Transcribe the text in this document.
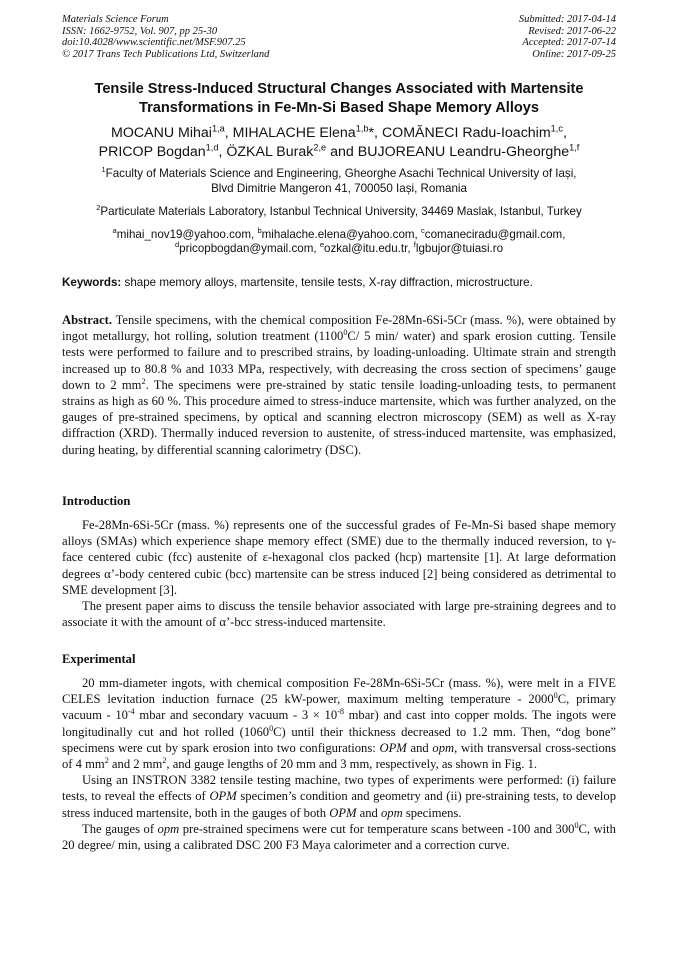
Materials Science Forum
ISSN: 1662-9752, Vol. 907, pp 25-30
doi:10.4028/www.scientific.net/MSF.907.25
© 2017 Trans Tech Publications Ltd, Switzerland
Submitted: 2017-04-14
Revised: 2017-06-22
Accepted: 2017-07-14
Online: 2017-09-25
Tensile Stress-Induced Structural Changes Associated with Martensite
Transformations in Fe-Mn-Si Based Shape Memory Alloys
MOCANU Mihai$^{1,a}$, MIHALACHE Elena$^{1,b}$*, COMĂNECI Radu-Ioachim$^{1,c}$,
PRICOP Bogdan$^{1,d}$, ÖZKAL Burak$^{2,e}$ and BUJOREANU Leandru-Gheorghe$^{1,f}$
$^1$Faculty of Materials Science and Engineering, Gheorghe Asachi Technical University of Iași,
Blvd Dimitrie Mangeron 41, 700050 Iași, Romania
$^2$Particulate Materials Laboratory, Istanbul Technical University, 34469 Maslak, Istanbul, Turkey
$^a$mihai_nov19@yahoo.com, $^b$mihalache.elena@yahoo.com, $^c$comaneciradu@gmail.com,
$^d$pricopbogdan@ymail.com, $^e$ozkal@itu.edu.tr, $^f$lgbujor@tuiasi.ro
Keywords: shape memory alloys, martensite, tensile tests, X-ray diffraction, microstructure.
Abstract. Tensile specimens, with the chemical composition Fe-28Mn-6Si-5Cr (mass. %), were obtained by ingot metallurgy, hot rolling, solution treatment (1100$^0$C/ 5 min/ water) and spark erosion cutting. Tensile tests were performed to failure and to prescribed strains, by loading-unloading. Ultimate strain and strength increased up to 80.8 % and 1033 MPa, respectively, with decreasing the cross section of specimens’ gauge down to 2 $mm^2$. The specimens were pre-strained by static tensile loading-unloading tests, to permanent strains as high as 60 %. This procedure aimed to stress-induce martensite, which was further analyzed, on the gauges of pre-strained specimens, by optical and scanning electron microscopy (SEM) as well as X-ray diffraction (XRD). Thermally induced reversion to austenite, of stress-induced martensite, was emphasized, during heating, by differential scanning calorimetry (DSC).
Introduction

Fe-28Mn-6Si-5Cr (mass. %) represents one of the successful grades of Fe-Mn-Si based shape memory alloys (SMAs) which experience shape memory effect (SME) due to the thermally induced reversion, to γ-face centered cubic (fcc) austenite of ε-hexagonal clos packed (hcp) martensite [1]. At large deformation degrees α’-body centered cubic (bcc) martensite can be stress induced [2] being considered as detrimental to SME development [3].

The present paper aims to discuss the tensile behavior associated with large pre-straining degrees and to associate it with the amount of α’-bcc stress-induced martensite.

Experimental

20 mm-diameter ingots, with chemical composition Fe-28Mn-6Si-5Cr (mass. %), were melt in a FIVE CELES levitation induction furnace (25 kW-power, maximum melting temperature - 2000$^0$C, primary vacuum - $10^{-4}$ mbar and secondary vacuum - $3 \times 10^{-8}$ mbar) and cast into copper molds. The ingots were longitudinally cut and hot rolled (1060$^0$C) until their thickness decreased to 1.2 mm. Then, “dog bone” specimens were cut by spark erosion into two configurations: OPM and opm, with transversal cross-sections of 4 $mm^2$ and 2 $mm^2$, and gauge lengths of 20 mm and 3 mm, respectively, as shown in Fig. 1.

Using an INSTRON 3382 tensile testing machine, two types of experiments were performed: (i) failure tests, to reveal the effects of OPM specimen’s condition and geometry and (ii) pre-straining tests, to develop stress induced martensite, both in the gauges of both OPM and opm specimens.

The gauges of opm pre-strained specimens were cut for temperature scans between -100 and $300^0C$, with 20 degree/ min, using a calibrated DSC 200 F3 Maya calorimeter and a correction curve.
